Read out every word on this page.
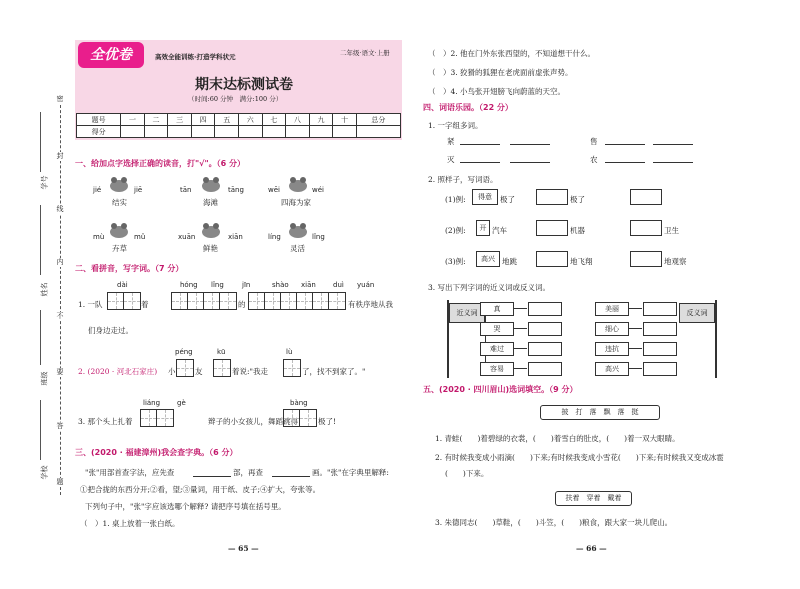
密
封
线
内
不
要
答
题
学号
姓名
班级
学校
全优卷	高效全能训练·打造学科状元	二年级·语文·上册
期末达标测试卷
（时间:60 分钟　满分:100 分）
题号	一	二	三	四	五	六	七	八	九	十	总分
得分											
一、给加点字选择正确的读音，打"√"。（6 分）
jié	jiē
结实
tān	tāng
海滩
wēi	wéi
四海为家
mù	mǔ
卉草
xuān	xiān
鲜艳
líng	lǐng
灵活
二、看拼音，写字词。（7 分）
dài	hóng lǐng	jīn	shào xiān duì yuán
1. 一队	着	的	有秩序地从我
们身边走过。
péng	kū	lù
2. (2020 · 河北石家庄) 小	友	着说:"我走	了，找不到家了。"
liáng gè	bàng
3. 那个头上扎着	辫子的小女孩儿，舞蹈跳得	极了!
三、(2020 · 福建漳州)我会查字典。（6 分）
"张"用部首查字法，应先查	部，再查	画。"张"在字典里解释:
①把合拢的东西分开;②看，望;③量词，用于纸、皮子;④扩大，夸张等。
下列句子中，"张"字应该选哪个解释? 请把序号填在括号里。
（　）1. 桌上放着一张白纸。
— 65 —
（　）2. 他在门外东张西望的，不知道想干什么。
（　）3. 狡猾的狐狸在老虎面前虚张声势。
（　）4. 小鸟张开翅膀飞向蔚蓝的天空。
四、词语乐园。（22 分）
1. 一字组多词。
紧	售
灭	农
2. 照样子，写词语。
(1)例:	得意	极了	极了
(2)例:	开 汽车	机器	卫生
(3)例:	高兴 地跳	地飞翔	地观察
3. 写出下列字词的近义词或反义词。
近义词	真
哭
难过
容易
美丽
细心
违抗
高兴
反义词
五、(2020 · 四川眉山)选词填空。（9 分）
披　打　落　飘　落　挺
1. 青蛙(　　)着碧绿的衣裳，(　　)着雪白的肚皮，(　　)着一双大眼睛。
2. 有时候我变成小雨滴(　　)下来;有时候我变成小雪花(　　)下来;有时候我又变成冰雹
(　　)下来。
扶着　穿着　戴着
3. 朱德同志(　　)草鞋，(　　)斗笠，(　　)粮食，跟大家一块儿爬山。
— 66 —
